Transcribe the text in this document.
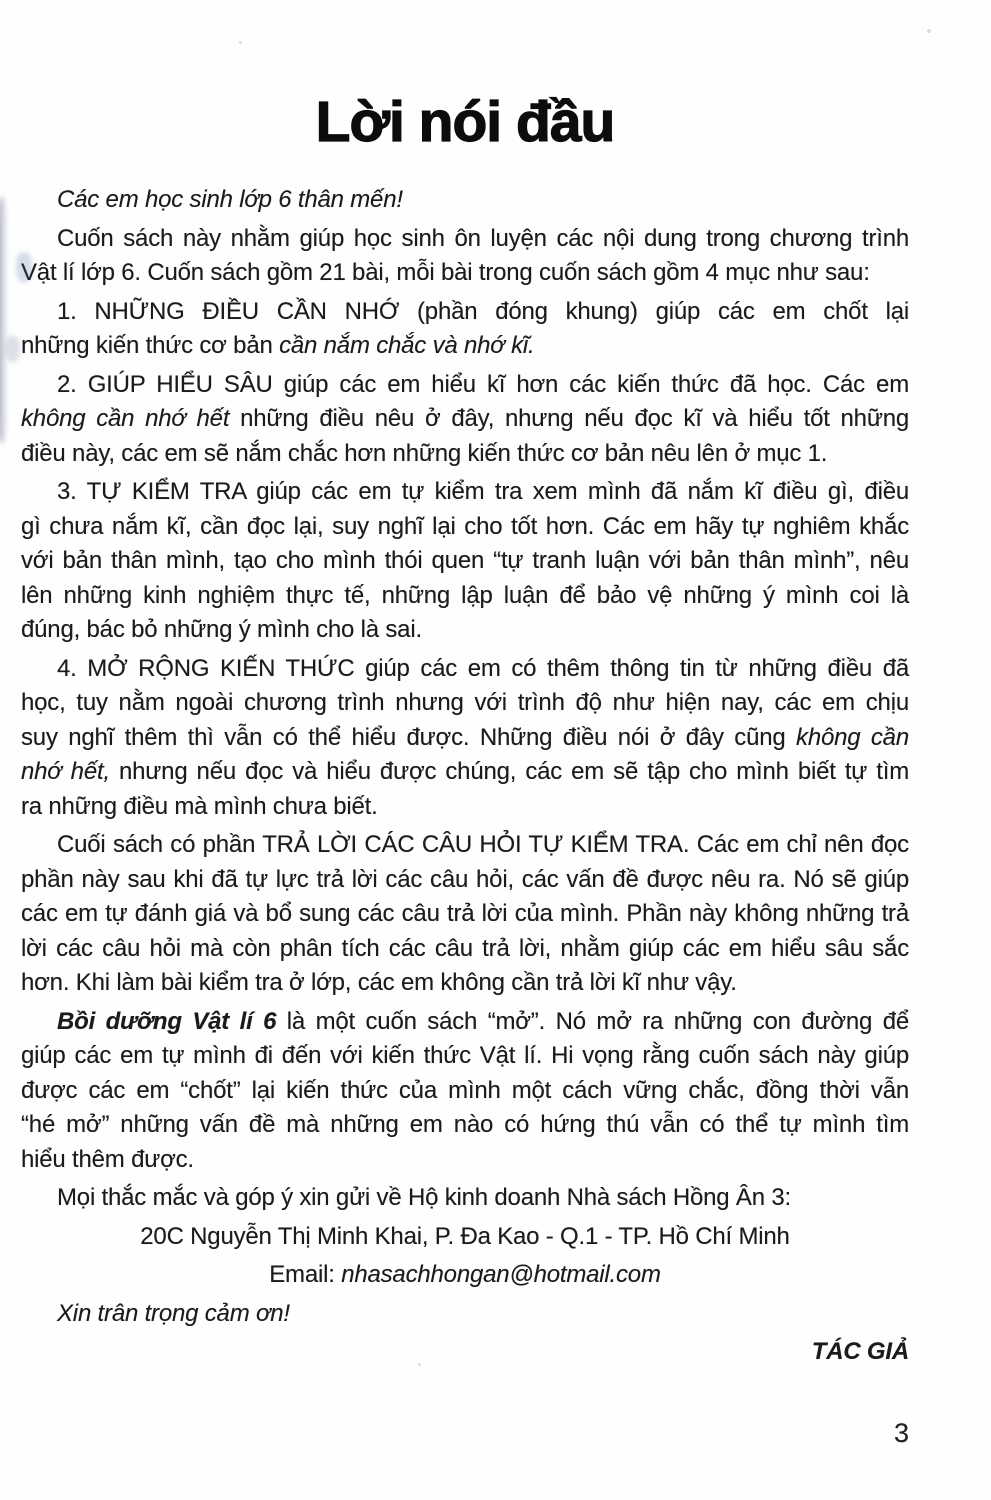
Lời nói đầu
Các em học sinh lớp 6 thân mến!
Cuốn sách này nhằm giúp học sinh ôn luyện các nội dung trong chương trình
Vật lí lớp 6. Cuốn sách gồm 21 bài, mỗi bài trong cuốn sách gồm 4 mục như sau:
1. NHỮNG ĐIỀU CẦN NHỚ (phần đóng khung) giúp các em chốt lại
những kiến thức cơ bản cần nắm chắc và nhớ kĩ.
2. GIÚP HIỂU SÂU giúp các em hiểu kĩ hơn các kiến thức đã học. Các em
không cần nhớ hết những điều nêu ở đây, nhưng nếu đọc kĩ và hiểu tốt những
điều này, các em sẽ nắm chắc hơn những kiến thức cơ bản nêu lên ở mục 1.
3. TỰ KIỂM TRA giúp các em tự kiểm tra xem mình đã nắm kĩ điều gì, điều
gì chưa nắm kĩ, cần đọc lại, suy nghĩ lại cho tốt hơn. Các em hãy tự nghiêm khắc
với bản thân mình, tạo cho mình thói quen “tự tranh luận với bản thân mình”, nêu
lên những kinh nghiệm thực tế, những lập luận để bảo vệ những ý mình coi là
đúng, bác bỏ những ý mình cho là sai.
4. MỞ RỘNG KIẾN THỨC giúp các em có thêm thông tin từ những điều đã
học, tuy nằm ngoài chương trình nhưng với trình độ như hiện nay, các em chịu
suy nghĩ thêm thì vẫn có thể hiểu được. Những điều nói ở đây cũng không cần
nhớ hết, nhưng nếu đọc và hiểu được chúng, các em sẽ tập cho mình biết tự tìm
ra những điều mà mình chưa biết.
Cuối sách có phần TRẢ LỜI CÁC CÂU HỎI TỰ KIỂM TRA. Các em chỉ nên đọc
phần này sau khi đã tự lực trả lời các câu hỏi, các vấn đề được nêu ra. Nó sẽ giúp
các em tự đánh giá và bổ sung các câu trả lời của mình. Phần này không những trả
lời các câu hỏi mà còn phân tích các câu trả lời, nhằm giúp các em hiểu sâu sắc
hơn. Khi làm bài kiểm tra ở lớp, các em không cần trả lời kĩ như vậy.
Bồi dưỡng Vật lí 6 là một cuốn sách “mở”. Nó mở ra những con đường để
giúp các em tự mình đi đến với kiến thức Vật lí. Hi vọng rằng cuốn sách này giúp
được các em “chốt” lại kiến thức của mình một cách vững chắc, đồng thời vẫn
“hé mở” những vấn đề mà những em nào có hứng thú vẫn có thể tự mình tìm
hiểu thêm được.
Mọi thắc mắc và góp ý xin gửi về Hộ kinh doanh Nhà sách Hồng Ân 3:
20C Nguyễn Thị Minh Khai, P. Đa Kao - Q.1 - TP. Hồ Chí Minh
Email: nhasachhongan@hotmail.com
Xin trân trọng cảm ơn!
TÁC GIẢ
3
